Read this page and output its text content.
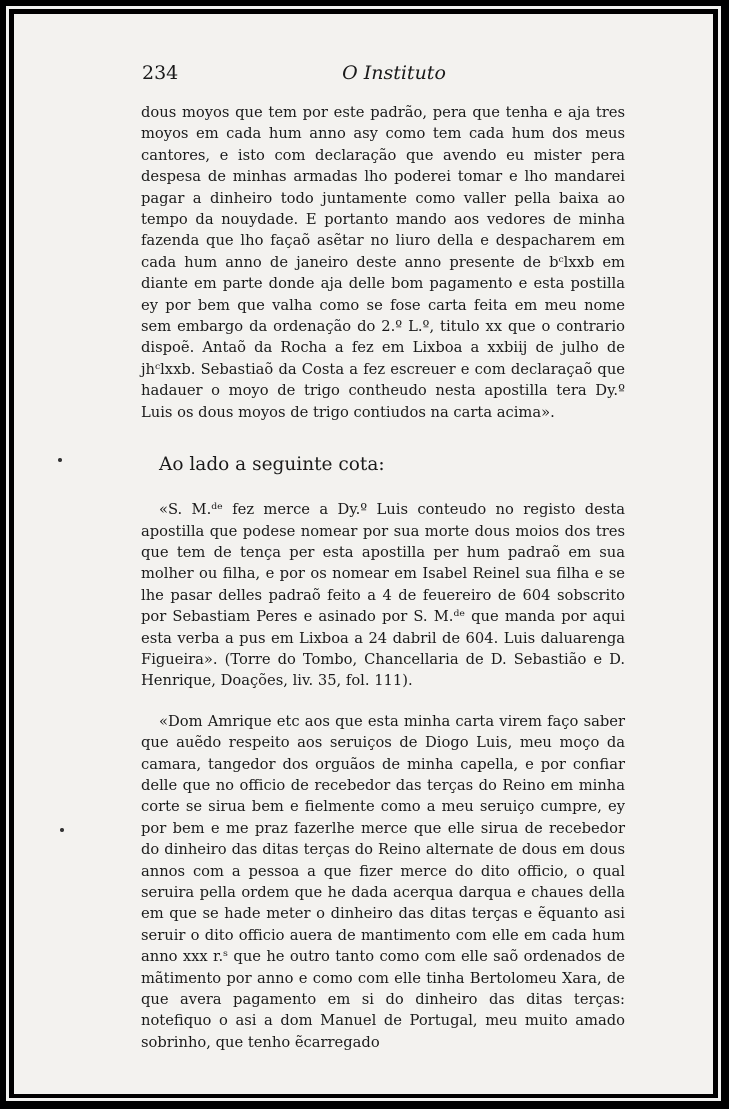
234	O Instituto

dous moyos que tem por este padrão, pera que tenha e aja tres moyos em cada hum anno asy como tem cada hum dos meus cantores, e isto com declaração que avendo eu mister pera despesa de minhas armadas lho poderei tomar e lho mandarei pagar a dinheiro todo juntamente como valler pella baixa ao tempo da nouydade. E portanto mando aos vedores de minha fazenda que lho façaõ asẽtar no liuro della e despacharem em cada hum anno de janeiro deste anno presente de bᶜlxxb em diante em parte donde aja delle bom pagamento e esta postilla ey por bem que valha como se fose carta feita em meu nome sem embargo da ordenação do 2.º L.º, titulo xx que o contrario dispoẽ. Antaõ da Rocha a fez em Lixboa a xxbiij de julho de jhᶜlxxb. Sebastiaõ da Costa a fez escreuer e com declaraçaõ que hadauer o moyo de trigo contheudo nesta apostilla tera Dy.º Luis os dous moyos de trigo contiudos na carta acima».

Ao lado a seguinte cota:

«S. M.ᵈᵉ fez merce a Dy.º Luis conteudo no registo desta apostilla que podese nomear por sua morte dous moios dos tres que tem de tença per esta apostilla per hum padraõ em sua molher ou filha, e por os nomear em Isabel Reinel sua filha e se lhe pasar delles padraõ feito a 4 de feuereiro de 604 sobscrito por Sebastiam Peres e asinado por S. M.ᵈᵉ que manda por aqui esta verba a pus em Lixboa a 24 dabril de 604. Luis daluarenga Figueira». (Torre do Tombo, Chancellaria de D. Sebastião e D. Henrique, Doações, liv. 35, fol. 111).

«Dom Amrique etc aos que esta minha carta virem faço saber que auẽdo respeito aos seruiços de Diogo Luis, meu moço da camara, tangedor dos orguãos de minha capella, e por confiar delle que no officio de recebedor das terças do Reino em minha corte se sirua bem e fielmente como a meu seruiço cumpre, ey por bem e me praz fazerlhe merce que elle sirua de recebedor do dinheiro das ditas terças do Reino alternate de dous em dous annos com a pessoa a que fizer merce do dito officio, o qual seruira pella ordem que he dada acerqua darqua e chaues della em que se hade meter o dinheiro das ditas terças e ẽquanto asi seruir o dito officio auera de mantimento com elle em cada hum anno xxx r.ˢ que he outro tanto como com elle saõ ordenados de mãtimento por anno e como com elle tinha Bertolomeu Xara, de que avera pagamento em si do dinheiro das ditas terças: notefiquo o asi a dom Manuel de Portugal, meu muito amado sobrinho, que tenho ẽcarregado
